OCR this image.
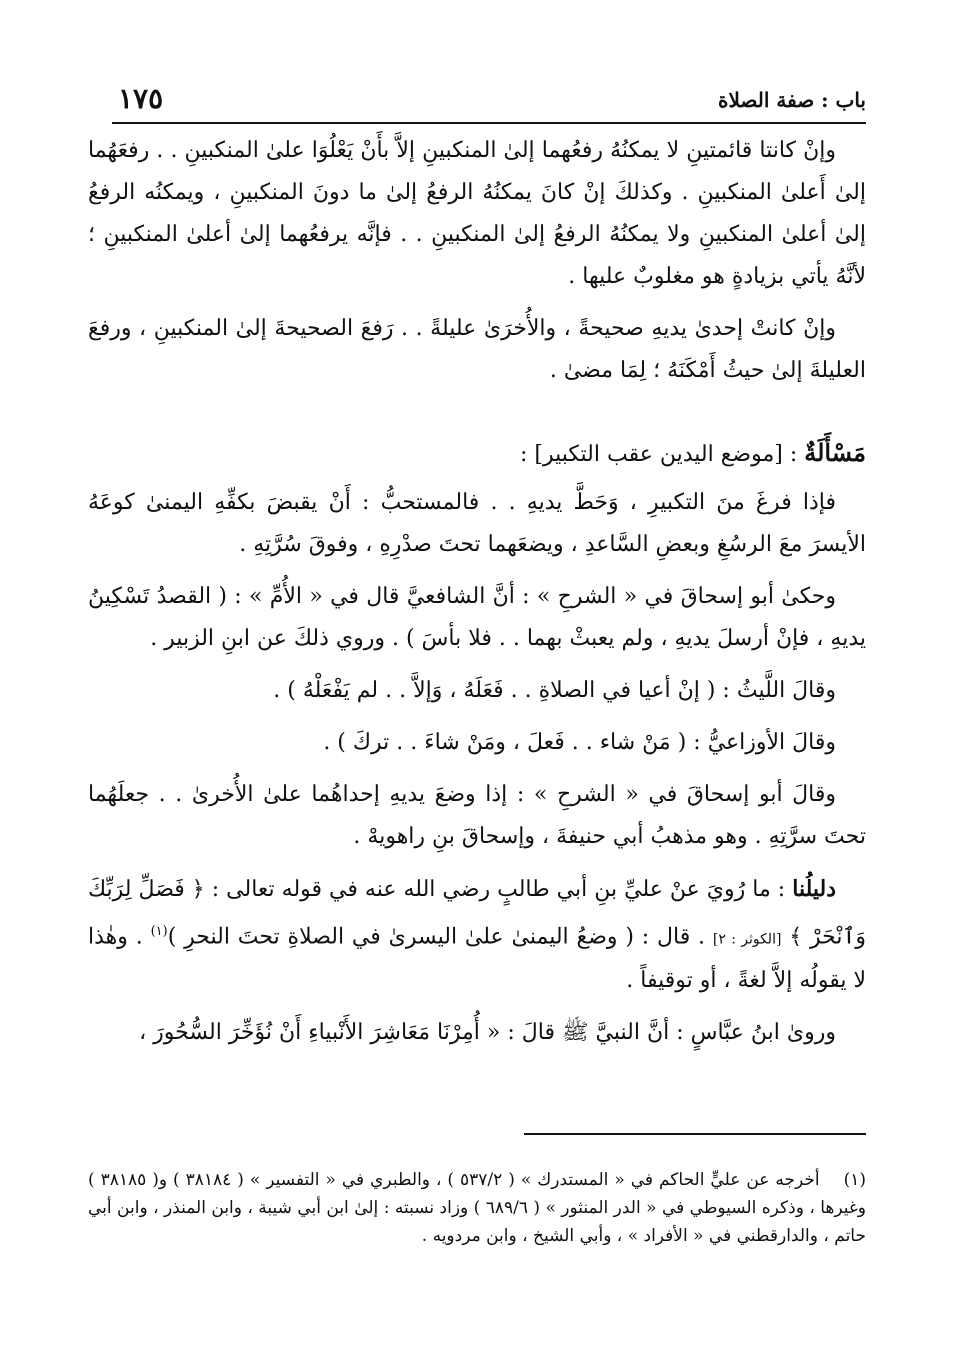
باب : صفة الصلاة
١٧٥

وإنْ كانتا قائمتينِ لا يمكنُهُ رفعُهما إلىٰ المنكبينِ إلاَّ بأَنْ يَعْلُوَا علىٰ المنكبينِ . . رفعَهُما إلىٰ أَعلىٰ المنكبينِ . وكذلكَ إنْ كانَ يمكنُهُ الرفعُ إلىٰ ما دونَ المنكبينِ ، ويمكنُه الرفعُ إلىٰ أعلىٰ المنكبينِ ولا يمكنُهُ الرفعُ إلىٰ المنكبينِ . . فإنَّه يرفعُهما إلىٰ أعلىٰ المنكبينِ ؛ لأنَّهُ يأتي بزيادةٍ هو مغلوبٌ عليها .

وإنْ كانتْ إحدىٰ يديهِ صحيحةً ، والأُخرَىٰ عليلةً . . رَفعَ الصحيحةَ إلىٰ المنكبينِ ، ورفعَ العليلةَ إلىٰ حيثُ أَمْكَنَهُ ؛ لِمَا مضىٰ .

مَسْأَلَةٌ : [موضع اليدين عقب التكبير] :

فإذا فرغَ منَ التكبيرِ ، وَحَطَّ يديهِ . . فالمستحبُّ : أَنْ يقبضَ بكفِّهِ اليمنىٰ كوعَهُ الأيسرَ معَ الرسُغِ وبعضِ السَّاعدِ ، ويضعَهما تحتَ صدْرِهِ ، وفوقَ سُرَّتِهِ .

وحكىٰ أبو إسحاقَ في « الشرحِ » : أنَّ الشافعيَّ قال في « الأُمِّ » : ( القصدُ تَسْكِينُ يديهِ ، فإنْ أرسلَ يديهِ ، ولم يعبثْ بهما . . فلا بأسَ ) . وروي ذلكَ عن ابنِ الزبير .

وقالَ اللَّيثُ : ( إنْ أعيا في الصلاةِ . . فَعَلَهُ ، وَإلاَّ . . لم يَفْعَلْهُ ) .

وقالَ الأوزاعيُّ : ( مَنْ شاء . . فَعلَ ، ومَنْ شاءَ . . تركَ ) .

وقالَ أبو إسحاقَ في « الشرحِ » : إذا وضعَ يديهِ إحداهُما علىٰ الأُخرىٰ . . جعلَهُما تحتَ سرَّتِهِ . وهو مذهبُ أبي حنيفةَ ، وإسحاقَ بنِ راهويهْ .

دليلُنا : ما رُويَ عنْ عليِّ بنِ أبي طالبٍ رضي الله عنه في قوله تعالى : ﴿ فَصَلِّ لِرَبِّكَ وَٱنْحَرْ ﴾ [الكوثر : ٢] . قال : ( وضعُ اليمنىٰ علىٰ اليسرىٰ في الصلاةِ تحتَ النحرِ )$^{(١)}$ . وهٰذا لا يقولُه إلاَّ لغةً ، أو توقيفاً .

وروىٰ ابنُ عبَّاسٍ : أنَّ النبيَّ ﷺ قالَ : « أُمِرْنَا مَعَاشِرَ الأَنْبياءِ أَنْ نُؤَخِّرَ السُّحُورَ ،

(١) أخرجه عن عليٍّ الحاكم في « المستدرك » ( ٥٣٧/٢ ) ، والطبري في « التفسير » ( ٣٨١٨٤ ) و( ٣٨١٨٥ ) وغيرها ، وذكره السيوطي في « الدر المنثور » ( ٦٨٩/٦ ) وزاد نسبته : إلىٰ ابن أبي شيبة ، وابن المنذر ، وابن أبي حاتم ، والدارقطني في « الأفراد » ، وأبي الشيخ ، وابن مردويه .
